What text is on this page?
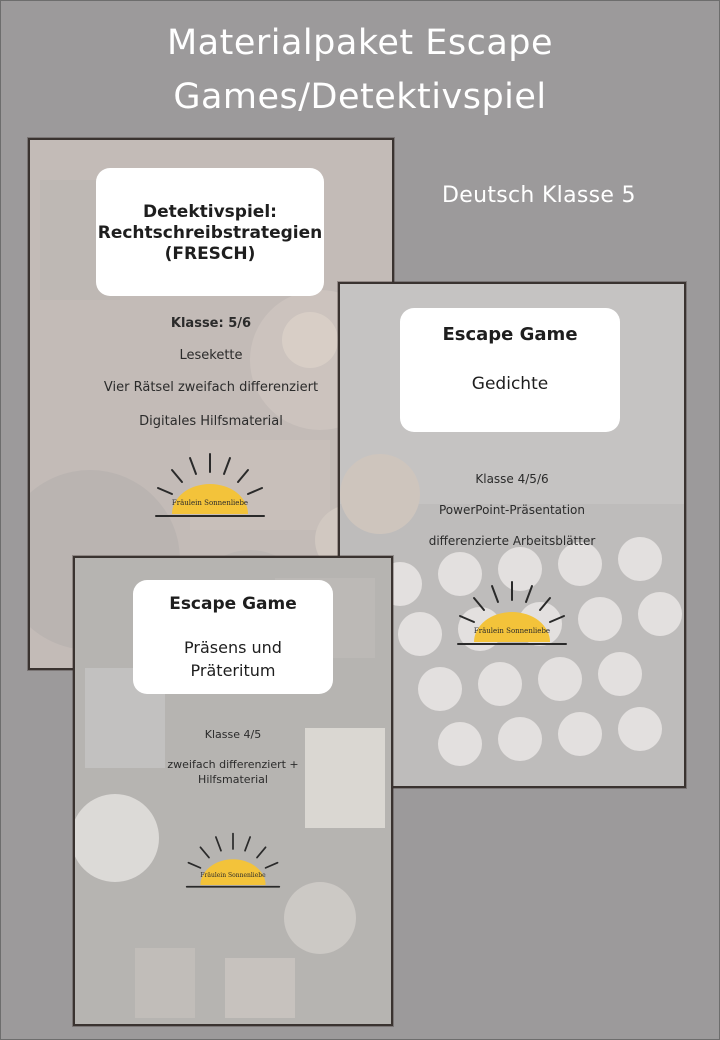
Materialpaket Escape
Games/Detektivspiel
Deutsch Klasse 5
Detektivspiel:
Rechtschreibstrategien
(FRESCH)
Klasse: 5/6
Lesekette
Vier Rätsel zweifach differenziert
Digitales Hilfsmaterial
Fräulein Sonnenliebe
Escape Game
Gedichte
Klasse 4/5/6
PowerPoint-Präsentation
differenzierte Arbeitsblätter
Fräulein Sonnenliebe
Escape Game
Präsens und
Präteritum
Klasse 4/5
zweifach differenziert +
Hilfsmaterial
Fräulein Sonnenliebe
